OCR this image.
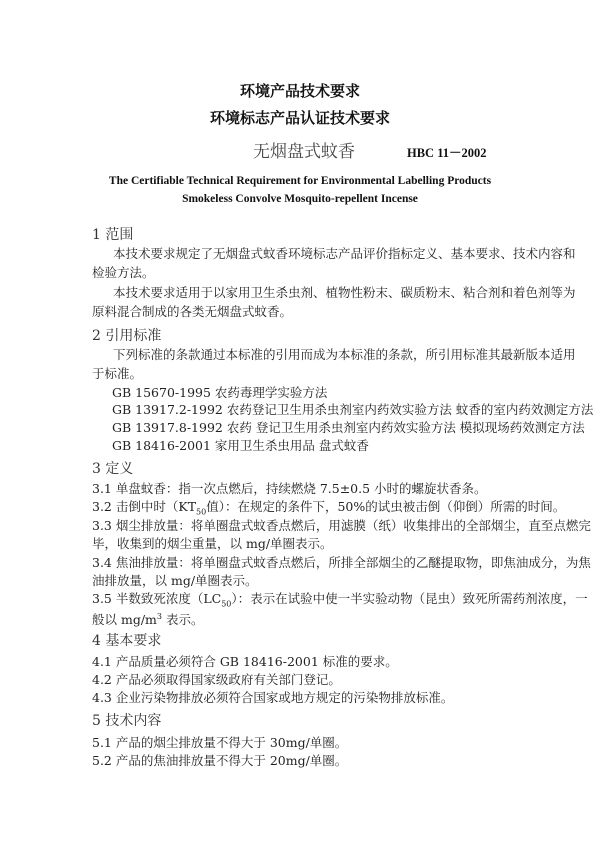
环境产品技术要求
环境标志产品认证技术要求
无烟盘式蚊香	HBC 11－2002
The Certifiable Technical Requirement for Environmental Labelling Products
Smokeless Convolve Mosquito-repellent Incense
1 范围
本技术要求规定了无烟盘式蚊香环境标志产品评价指标定义、基本要求、技术内容和
检验方法。
本技术要求适用于以家用卫生杀虫剂、植物性粉末、碳质粉末、粘合剂和着色剂等为
原料混合制成的各类无烟盘式蚊香。
2 引用标准
下列标准的条款通过本标准的引用而成为本标准的条款，所引用标准其最新版本适用
于标准。
GB 15670-1995 农药毒理学实验方法
GB 13917.2-1992 农药登记卫生用杀虫剂室内药效实验方法 蚊香的室内药效测定方法
GB 13917.8-1992 农药 登记卫生用杀虫剂室内药效实验方法 模拟现场药效测定方法
GB 18416-2001 家用卫生杀虫用品 盘式蚊香
3 定义
3.1 单盘蚊香：指一次点燃后，持续燃烧 7.5±0.5 小时的螺旋状香条。
3.2 击倒中时（$KT_{50}$值）：在规定的条件下，50%的试虫被击倒（仰倒）所需的时间。
3.3 烟尘排放量：将单圈盘式蚊香点燃后，用滤膜（纸）收集排出的全部烟尘，直至点燃完
毕，收集到的烟尘重量，以 mg/单圈表示。
3.4 焦油排放量：将单圈盘式蚊香点燃后，所排全部烟尘的乙醚提取物，即焦油成分，为焦
油排放量，以 mg/单圈表示。
3.5 半数致死浓度$(LC_{50})$：表示在试验中使一半实验动物（昆虫）致死所需药剂浓度，一
般以 $mg/m^3$ 表示。
4 基本要求
4.1 产品质量必须符合 GB 18416-2001 标准的要求。
4.2 产品必须取得国家级政府有关部门登记。
4.3 企业污染物排放必须符合国家或地方规定的污染物排放标准。
5 技术内容
5.1 产品的烟尘排放量不得大于 30mg/单圈。
5.2 产品的焦油排放量不得大于 20mg/单圈。
